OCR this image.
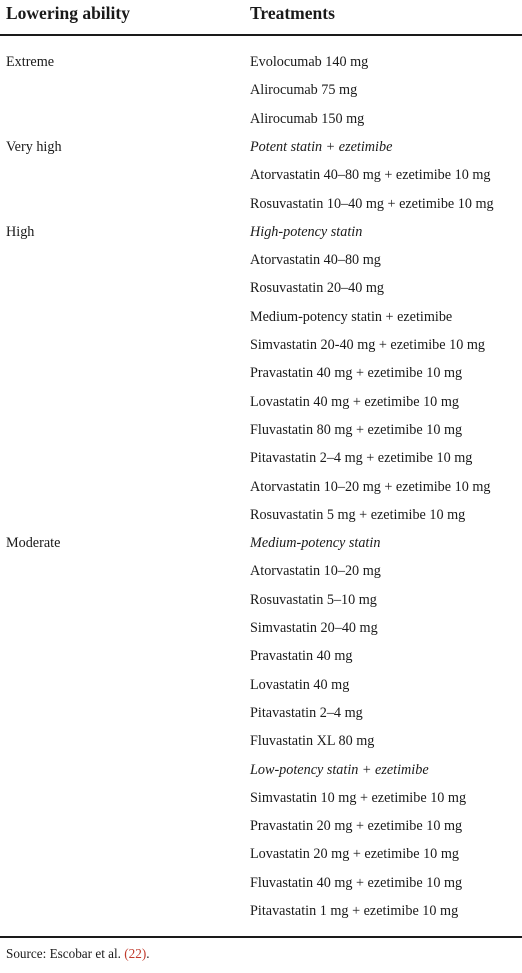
Lowering ability	Treatments
Extreme	Evolocumab 140 mg
Alirocumab 75 mg
Alirocumab 150 mg
Very high	Potent statin + ezetimibe
Atorvastatin 40–80 mg + ezetimibe 10 mg
Rosuvastatin 10–40 mg + ezetimibe 10 mg
High	High-potency statin
Atorvastatin 40–80 mg
Rosuvastatin 20–40 mg
Medium-potency statin + ezetimibe
Simvastatin 20-40 mg + ezetimibe 10 mg
Pravastatin 40 mg + ezetimibe 10 mg
Lovastatin 40 mg + ezetimibe 10 mg
Fluvastatin 80 mg + ezetimibe 10 mg
Pitavastatin 2–4 mg + ezetimibe 10 mg
Atorvastatin 10–20 mg + ezetimibe 10 mg
Rosuvastatin 5 mg + ezetimibe 10 mg
Moderate	Medium-potency statin
Atorvastatin 10–20 mg
Rosuvastatin 5–10 mg
Simvastatin 20–40 mg
Pravastatin 40 mg
Lovastatin 40 mg
Pitavastatin 2–4 mg
Fluvastatin XL 80 mg
Low-potency statin + ezetimibe
Simvastatin 10 mg + ezetimibe 10 mg
Pravastatin 20 mg + ezetimibe 10 mg
Lovastatin 20 mg + ezetimibe 10 mg
Fluvastatin 40 mg + ezetimibe 10 mg
Pitavastatin 1 mg + ezetimibe 10 mg
Source: Escobar et al. (22).
